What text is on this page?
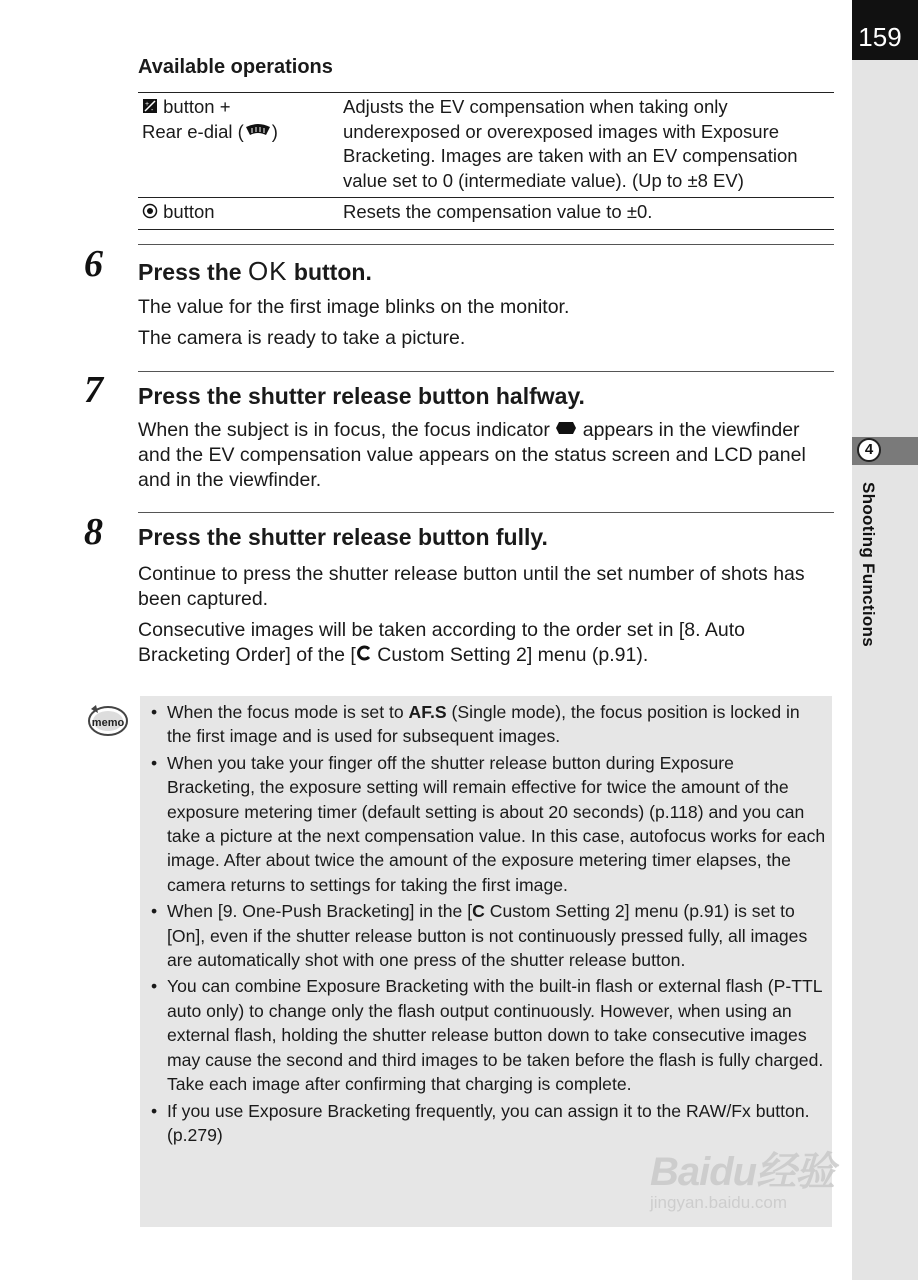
159
4
Shooting Functions
Available operations
+
- button +
Rear e-dial ( )	Adjusts the EV compensation when taking only underexposed or overexposed images with Exposure Bracketing. Images are taken with an EV compensation value set to 0 (intermediate value). (Up to ±8 EV)
button	Resets the compensation value to ±0.
6 Press the OK button.
The value for the first image blinks on the monitor.
The camera is ready to take a picture.
7 Press the shutter release button halfway.
When the subject is in focus, the focus indicator appears in the viewfinder and the EV compensation value appears on the status screen and LCD panel and in the viewfinder.
8 Press the shutter release button fully.
Continue to press the shutter release button until the set number of shots has been captured.
Consecutive images will be taken according to the order set in [8. Auto Bracketing Order] of the [ Custom Setting 2] menu (p.91).
memo
• When the focus mode is set to AF.S (Single mode), the focus position is locked in the first image and is used for subsequent images.
• When you take your finger off the shutter release button during Exposure Bracketing, the exposure setting will remain effective for twice the amount of the exposure metering timer (default setting is about 20 seconds) (p.118) and you can take a picture at the next compensation value. In this case, autofocus works for each image. After about twice the amount of the exposure metering timer elapses, the camera returns to settings for taking the first image.
• When [9. One-Push Bracketing] in the [C Custom Setting 2] menu (p.91) is set to [On], even if the shutter release button is not continuously pressed fully, all images are automatically shot with one press of the shutter release button.
• You can combine Exposure Bracketing with the built-in flash or external flash (P-TTL auto only) to change only the flash output continuously. However, when using an external flash, holding the shutter release button down to take consecutive images may cause the second and third images to be taken before the flash is fully charged. Take each image after confirming that charging is complete.
• If you use Exposure Bracketing frequently, you can assign it to the RAW/Fx button. (p.279)
Baidu经验
jingyan.baidu.com
